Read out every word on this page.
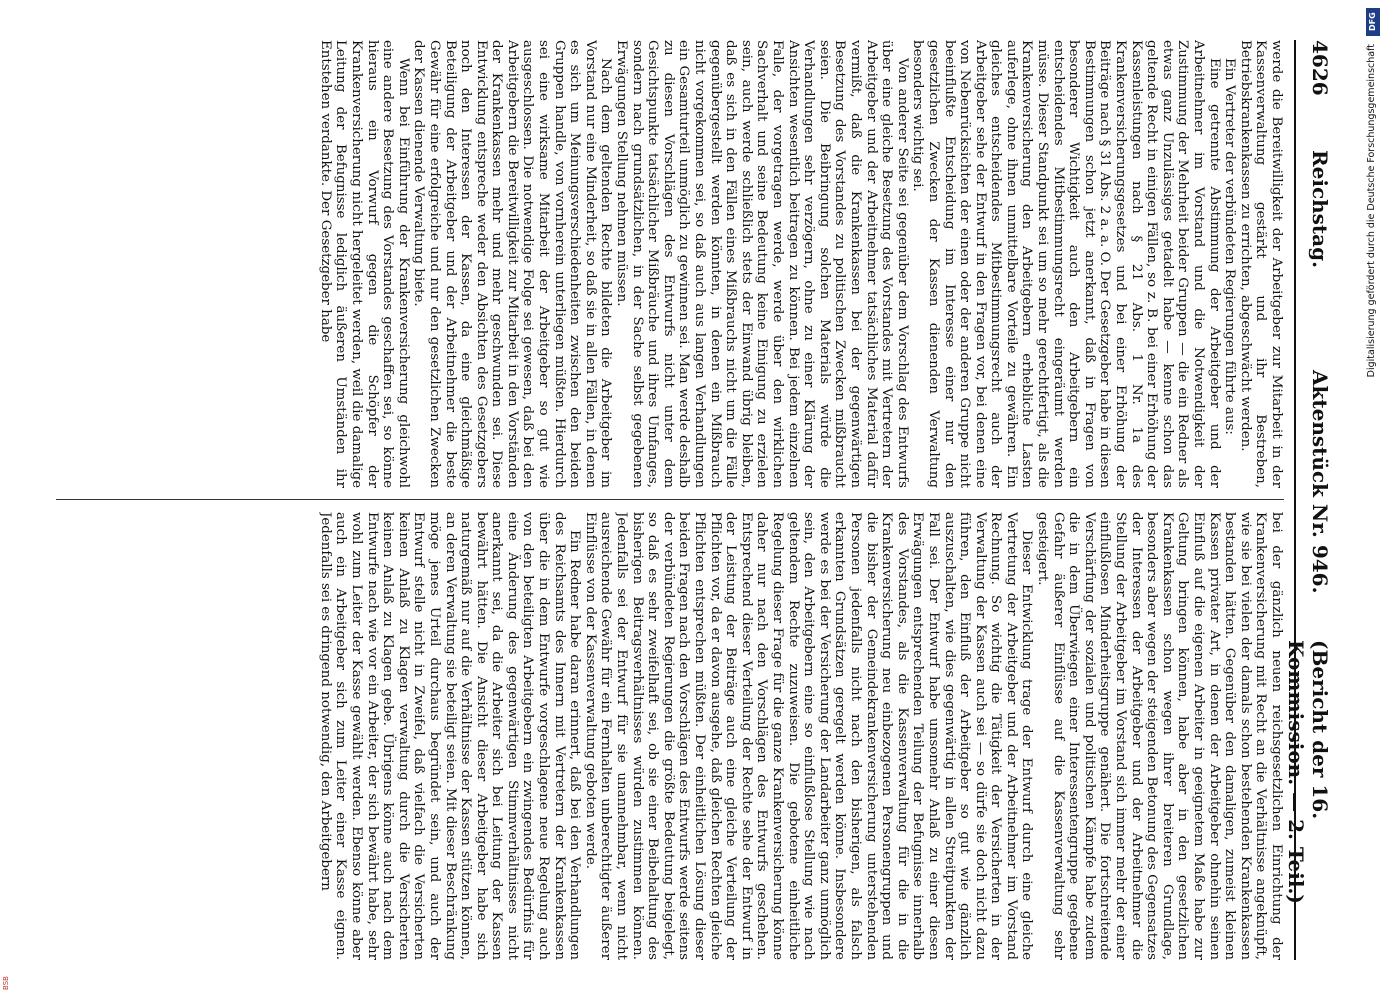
4626
Reichstag.
Aktenstück Nr. 946.
(Bericht der 16. Kommission. — 2. Teil.)

werde die Bereitwilligkeit der Arbeitgeber zur Mitarbeit in der Kassenverwaltung gestärkt und ihr Bestreben, Betriebskrankenkassen zu errichten, abgeschwächt werden.

Ein Vertreter der verbündeten Regierungen führte aus:

Eine getrennte Abstimmung der Arbeitgeber und der Arbeitnehmer im Vorstand und die Notwendigkeit der Zustimmung der Mehrheit beider Gruppen — die ein Redner als etwas ganz Unzulässiges getadelt habe — kenne schon das geltende Recht in einigen Fällen, so z. B. bei einer Erhöhung der Kassenleistungen nach § 21 Abs. 1 Nr. 1a des Krankenversicherungsgesetzes und bei einer Erhöhung der Beiträge nach § 31 Abs. 2 a. a. O. Der Gesetzgeber habe in diesen Bestimmungen schon jetzt anerkannt, daß in Fragen von besonderer Wichtigkeit auch den Arbeitgebern ein entscheidendes Mitbestimmungsrecht eingeräumt werden müsse. Dieser Standpunkt sei um so mehr gerechtfertigt, als die Krankenversicherung den Arbeitgebern erhebliche Lasten auferlege, ohne ihnen unmittelbare Vorteile zu gewähren. Ein gleiches entscheidendes Mitbestimmungsrecht auch der Arbeitgeber sehe der Entwurf in den Fragen vor, bei denen eine von Nebenrücksichten der einen oder der anderen Gruppe nicht beeinflußte Entscheidung im Interesse einer nur den gesetzlichen Zwecken der Kassen dienenden Verwaltung besonders wichtig sei.

Von anderer Seite sei gegenüber dem Vorschlag des Entwurfs über eine gleiche Besetzung des Vorstandes mit Vertretern der Arbeitgeber und der Arbeitnehmer tatsächliches Material dafür vermißt, daß die Krankenkassen bei der gegenwärtigen Besetzung des Vorstandes zu politischen Zwecken mißbraucht seien. Die Beibringung solchen Materials würde die Verhandlungen sehr verzögern, ohne zu einer Klärung der Ansichten wesentlich beitragen zu können. Bei jedem einzelnen Falle, der vorgetragen werde, werde über den wirklichen Sachverhalt und seine Bedeutung keine Einigung zu erzielen sein, auch werde schließlich stets der Einwand übrig bleiben, daß es sich in den Fällen eines Mißbrauchs nicht um die Fälle gegenübergestellt werden könnten, in denen ein Mißbrauch nicht vorgekommen sei, so daß auch aus langen Verhandlungen ein Gesamturteil unmöglich zu gewinnen sei. Man werde deshalb zu diesen Vorschlägen des Entwurfs nicht unter dem Gesichtspunkte tatsächlicher Mißbräuche und ihres Umfanges, sondern nach grundsätzlichen, in der Sache selbst gegebenen Erwägungen Stellung nehmen müssen.

Nach dem geltenden Rechte bildeten die Arbeitgeber im Vorstand nur eine Minderheit, so daß sie in allen Fällen, in denen es sich um Meinungsverschiedenheiten zwischen den beiden Gruppen handle, von vornherein unterliegen müßten. Hierdurch sei eine wirksame Mitarbeit der Arbeitgeber so gut wie ausgeschlossen. Die notwendige Folge sei gewesen, daß bei den Arbeitgebern die Bereitwilligkeit zur Mitarbeit in den Vorständen der Krankenkassen mehr und mehr geschwunden sei. Diese Entwicklung entspreche weder den Absichten des Gesetzgebers noch den Interessen der Kassen, da eine gleichmäßige Beteiligung der Arbeitgeber und der Arbeitnehmer die beste Gewähr für eine erfolgreiche und nur den gesetzlichen Zwecken der Kassen dienende Verwaltung biete.

Wenn bei Einführung der Krankenversicherung gleichwohl eine andere Besetzung des Vorstandes geschaffen sei, so könne hieraus ein Vorwurf gegen die Schöpfer der Krankenversicherung nicht hergeleitet werden, weil die damalige Leitung der Befugnisse lediglich äußeren Umständen ihr Entstehen verdankte. Der Gesetzgeber habe

bei der gänzlich neuen reichsgesetzlichen Einrichtung der Krankenversicherung mit Recht an die Verhältnisse angeknüpft, wie sie bei vielen der damals schon bestehenden Krankenkassen bestanden hätten. Gegenüber den damaligen, zumeist kleinen Kassen privater Art, in denen der Arbeitgeber ohnehin seinen Einfluß auf die eigenen Arbeiter in geeignetem Maße habe zur Geltung bringen können, habe aber in den gesetzlichen Krankenkassen schon wegen ihrer breiteren Grundlage, besonders aber wegen der steigenden Betonung des Gegensatzes der Interessen der Arbeitgeber und der Arbeitnehmer die Stellung der Arbeitgeber im Vorstand sich immer mehr der einer einflußlosen Minderheitsgruppe genähert. Die fortschreitende Verschärfung der sozialen und politischen Kämpfe habe zudem die in dem Überwiegen einer Interessentengruppe gegebene Gefahr äußerer Einflüsse auf die Kassenverwaltung sehr gesteigert.

Dieser Entwicklung trage der Entwurf durch eine gleiche Vertretung der Arbeitgeber und der Arbeitnehmer im Vorstand Rechnung. So wichtig die Tätigkeit der Versicherten in der Verwaltung der Kassen auch sei — so dürfe sie doch nicht dazu führen, den Einfluß der Arbeitgeber so gut wie gänzlich auszuschalten, wie dies gegenwärtig in allen Streitpunkten der Fall sei. Der Entwurf habe umsomehr Anlaß zu einer diesen Erwägungen entsprechenden Teilung der Befugnisse innerhalb des Vorstandes, als die Kassenverwaltung für die in die Krankenversicherung neu einbezogenen Personengruppen und die bisher der Gemeindekrankenversicherung unterstehenden Personen jedenfalls nicht nach den bisherigen, als falsch erkannten Grundsätzen geregelt werden könne. Insbesondere werde es bei der Versicherung der Landarbeiter ganz unmöglich sein, den Arbeitgebern eine so einflußlose Stellung wie nach geltendem Rechte zuzuweisen. Die gebotene einheitliche Regelung dieser Frage für die ganze Krankenversicherung könne daher nur nach den Vorschlägen des Entwurfs geschehen. Entsprechend dieser Verteilung der Rechte sehe der Entwurf in der Leistung der Beiträge auch eine gleiche Verteilung der Pflichten vor, da er davon ausgehe, daß gleichen Rechten gleiche Pflichten entsprechen müßten. Der einheitlichen Lösung dieser beiden Fragen nach den Vorschlägen des Entwurfs werde seitens der verbündeten Regierungen die größte Bedeutung beigelegt, so daß es sehr zweifelhaft sei, ob sie einer Beibehaltung des bisherigen Beitragsverhältnisses würden zustimmen können. Jedenfalls sei der Entwurf für sie unannehmbar, wenn nicht ausreichende Gewähr für ein Fernhalten unberechtigter äußerer Einflüsse von der Kassenverwaltung geboten werde.

Ein Redner habe daran erinnert, daß bei den Verhandlungen des Reichsamts des Innern mit Vertretern der Krankenkassen über die in dem Entwurfe vorgeschlagene neue Regelung auch von den beteiligten Arbeitgebern ein zwingendes Bedürfnis für eine Änderung des gegenwärtigen Stimmverhältnisses nicht anerkannt sei, da die Arbeiter sich bei Leitung der Kassen bewährt hätten. Die Ansicht dieser Arbeitgeber habe sich naturgemäß nur auf die Verhältnisse der Kassen stützen können, an deren Verwaltung sie beteiligt seien. Mit dieser Beschränkung möge jenes Urteil durchaus begründet sein, und auch der Entwurf stelle nicht in Zweifel, daß vielfach die Versicherten keinen Anlaß zu Klagen verwaltung durch die Versicherten keinen Anlaß zu Klagen gebe. Übrigens könne auch nach dem Entwurfe nach wie vor ein Arbeiter, der sich bewährt habe, sehr wohl zum Leiter der Kasse gewählt werden. Ebenso könne aber auch ein Arbeitgeber sich zum Leiter einer Kasse eignen. Jedenfalls sei es dringend notwendig, den Arbeitgebern

DFG
Digitalisierung gefördert durch die Deutsche Forschungsgemeinschaft
BSB
